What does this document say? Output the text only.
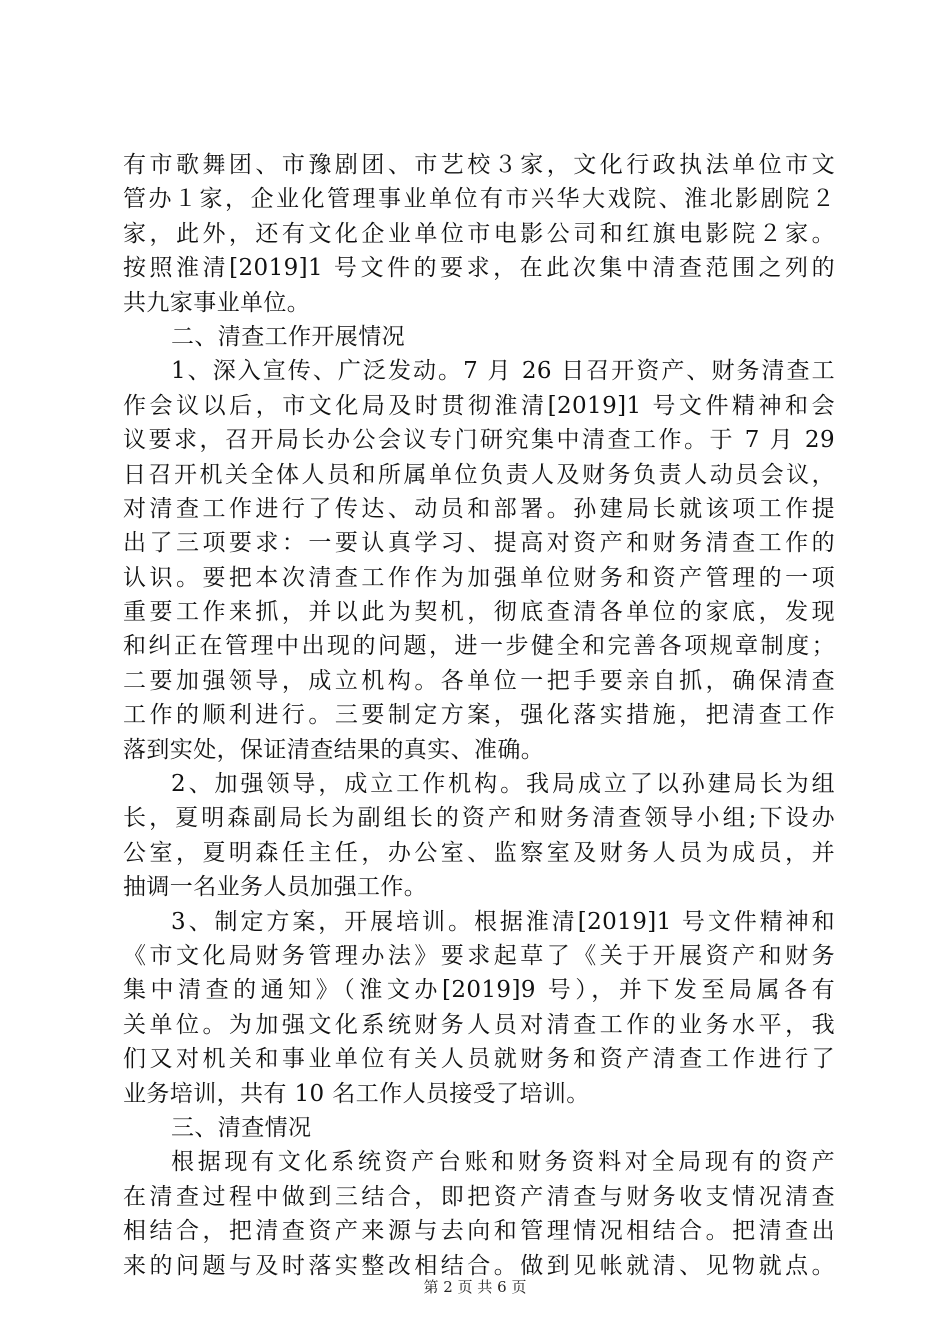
有市歌舞团、市豫剧团、市艺校３家，文化行政执法单位市文
管办１家，企业化管理事业单位有市兴华大戏院、淮北影剧院２
家，此外，还有文化企业单位市电影公司和红旗电影院２家。
按照淮清[2019]1 号文件的要求，在此次集中清查范围之列的
共九家事业单位。
二、清查工作开展情况
1、深入宣传、广泛发动。7 月 26 日召开资产、财务清查工
作会议以后，市文化局及时贯彻淮清[2019]1 号文件精神和会
议要求，召开局长办公会议专门研究集中清查工作。于 7 月 29
日召开机关全体人员和所属单位负责人及财务负责人动员会议，
对清查工作进行了传达、动员和部署。孙建局长就该项工作提
出了三项要求：一要认真学习、提高对资产和财务清查工作的
认识。要把本次清查工作作为加强单位财务和资产管理的一项
重要工作来抓，并以此为契机，彻底查清各单位的家底，发现
和纠正在管理中出现的问题，进一步健全和完善各项规章制度；
二要加强领导，成立机构。各单位一把手要亲自抓，确保清查
工作的顺利进行。三要制定方案，强化落实措施，把清查工作
落到实处，保证清查结果的真实、准确。
2、加强领导，成立工作机构。我局成立了以孙建局长为组
长，夏明森副局长为副组长的资产和财务清查领导小组;下设办
公室，夏明森任主任，办公室、监察室及财务人员为成员，并
抽调一名业务人员加强工作。
3、制定方案，开展培训。根据淮清[2019]1 号文件精神和
《市文化局财务管理办法》要求起草了《关于开展资产和财务
集中清查的通知》（淮文办[2019]9 号），并下发至局属各有
关单位。为加强文化系统财务人员对清查工作的业务水平，我
们又对机关和事业单位有关人员就财务和资产清查工作进行了
业务培训，共有 10 名工作人员接受了培训。
三、清查情况
根据现有文化系统资产台账和财务资料对全局现有的资产
在清查过程中做到三结合，即把资产清查与财务收支情况清查
相结合，把清查资产来源与去向和管理情况相结合。把清查出
来的问题与及时落实整改相结合。做到见帐就清、见物就点。
第 2 页 共 6 页
